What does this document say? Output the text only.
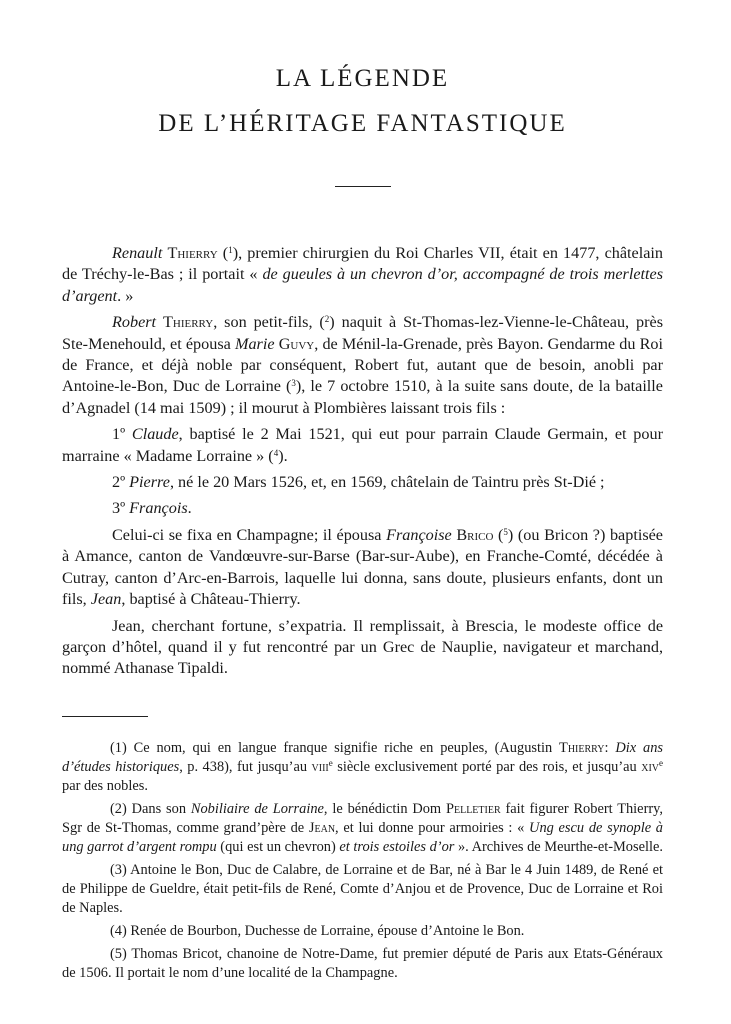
LA LÉGENDE
DE L’HÉRITAGE FANTASTIQUE

Renault Thierry ($^1$), premier chirurgien du Roi Charles VII, était en 1477, châtelain de Tréchy-le-Bas ; il portait « de gueules à un chevron d’or, accompagné de trois merlettes d’argent. »

Robert Thierry, son petit-fils, ($^2$) naquit à St-Thomas-lez-Vienne-le-Château, près Ste-Menehould, et épousa Marie Guvy, de Ménil-la-Grenade, près Bayon. Gendarme du Roi de France, et déjà noble par conséquent, Robert fut, autant que de besoin, anobli par Antoine-le-Bon, Duc de Lorraine ($^3$), le 7 octobre 1510, à la suite sans doute, de la bataille d’Agnadel (14 mai 1509) ; il mourut à Plombières laissant trois fils :

1º Claude, baptisé le 2 Mai 1521, qui eut pour parrain Claude Germain, et pour marraine « Madame Lorraine » ($^4$).

2º Pierre, né le 20 Mars 1526, et, en 1569, châtelain de Taintru près St-Dié ;

3º François.

Celui-ci se fixa en Champagne; il épousa Françoise Brico ($^5$) (ou Bricon ?) baptisée à Amance, canton de Vandœuvre-sur-Barse (Bar-sur-Aube), en Franche-Comté, décédée à Cutray, canton d’Arc-en-Barrois, laquelle lui donna, sans doute, plusieurs enfants, dont un fils, Jean, baptisé à Château-Thierry.

Jean, cherchant fortune, s’expatria. Il remplissait, à Brescia, le modeste office de garçon d’hôtel, quand il y fut rencontré par un Grec de Nauplie, navigateur et marchand, nommé Athanase Tipaldi.

(1) Ce nom, qui en langue franque signifie riche en peuples, (Augustin Thierry: Dix ans d’études historiques, p. 438), fut jusqu’au viii$^e$ siècle exclusivement porté par des rois, et jusqu’au xiv$^e$ par des nobles.

(2) Dans son Nobiliaire de Lorraine, le bénédictin Dom Pelletier fait figurer Robert Thierry, Sgr de St-Thomas, comme grand’père de Jean, et lui donne pour armoiries : « Ung escu de synople à ung garrot d’argent rompu (qui est un chevron) et trois estoiles d’or ». Archives de Meurthe-et-Moselle.

(3) Antoine le Bon, Duc de Calabre, de Lorraine et de Bar, né à Bar le 4 Juin 1489, de René et de Philippe de Gueldre, était petit-fils de René, Comte d’Anjou et de Provence, Duc de Lorraine et Roi de Naples.

(4) Renée de Bourbon, Duchesse de Lorraine, épouse d’Antoine le Bon.

(5) Thomas Bricot, chanoine de Notre-Dame, fut premier député de Paris aux Etats-Généraux de 1506. Il portait le nom d’une localité de la Champagne.
